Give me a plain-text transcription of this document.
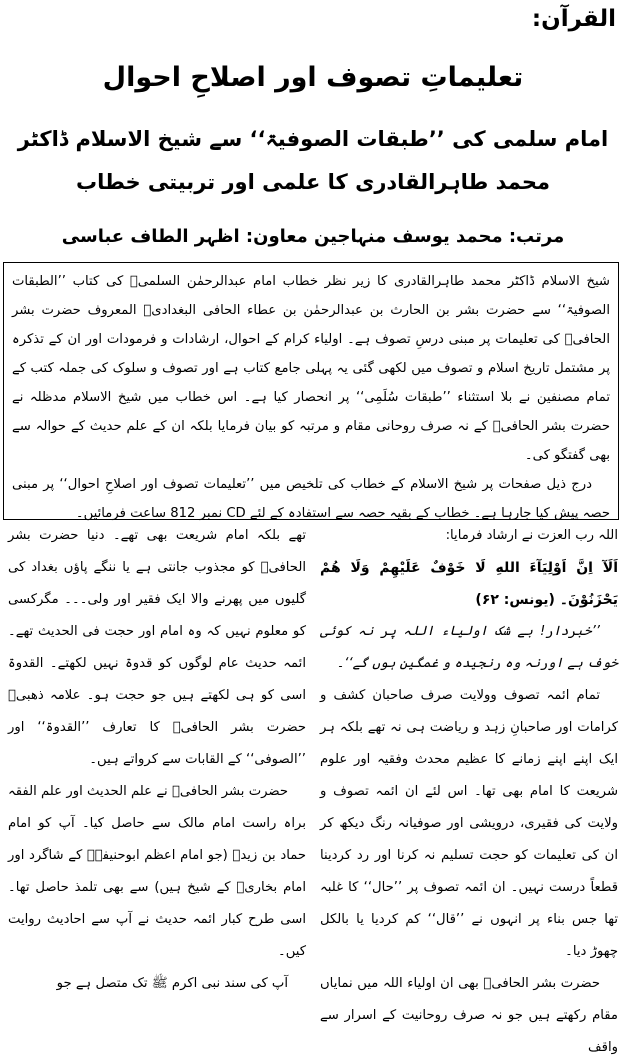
القرآن:
تعلیماتِ تصوف اور اصلاحِ احوال
امام سلمی کی ’’طبقات الصوفیۃ‘‘ سے شیخ الاسلام ڈاکٹر محمد طاہرالقادری کا علمی اور تربیتی خطاب
مرتب: محمد یوسف منہاجین معاون: اظہر الطاف عباسی

شیخ الاسلام ڈاکٹر محمد طاہرالقادری کا زیر نظر خطاب امام عبدالرحمٰن السلمیؒ کی کتاب ’’الطبقات الصوفیۃ‘‘ سے حضرت بشر بن الحارث بن عبدالرحمٰن بن عطاء الحافی البغدادیؒ المعروف حضرت بشر الحافیؒ کی تعلیمات پر مبنی درسِ تصوف ہے۔ اولیاء کرام کے احوال، ارشادات و فرمودات اور ان کے تذکرہ پر مشتمل تاریخ اسلام و تصوف میں لکھی گئی یہ پہلی جامع کتاب ہے اور تصوف و سلوک کی جملہ کتب کے تمام مصنفین نے بلا استثناء ’’طبقات سُلَمِی‘‘ پر انحصار کیا ہے۔ اس خطاب میں شیخ الاسلام مدظلہ نے حضرت بشر الحافیؒ کے نہ صرف روحانی مقام و مرتبہ کو بیان فرمایا بلکہ ان کے علم حدیث کے حوالہ سے بھی گفتگو کی۔

درج ذیل صفحات پر شیخ الاسلام کے خطاب کی تلخیص میں ’’تعلیمات تصوف اور اصلاحِ احوال‘‘ پر مبنی حصہ پیش کیا جارہا ہے۔ خطاب کے بقیہ حصہ سے استفادہ کے لئے CD نمبر 812 ساعت فرمائیں۔

اللہ رب العزت نے ارشاد فرمایا:

اَلَآ اِنَّ اَوْلِيَآءَ اللهِ لَا خَوْفٌ عَلَيْهِمْ وَلَا هُمْ يَحْزَنُوْنَ۔ (یونس: ۶۲)

’’خبردار! بے شک اولیاء اللہ پر نہ کوئی خوف ہے اورنہ وہ رنجیدہ و غمگین ہوں گے‘‘۔

تمام ائمہ تصوف وولایت صرف صاحبان کشف و کرامات اور صاحبانِ زہد و ریاضت ہی نہ تھے بلکہ ہر ایک اپنے اپنے زمانے کا عظیم محدث وفقیہ اور علوم شریعت کا امام بھی تھا۔ اس لئے ان ائمہ تصوف و ولایت کی فقیری، درویشی اور صوفیانہ رنگ دیکھ کر ان کی تعلیمات کو حجت تسلیم نہ کرنا اور رد کردینا قطعاً درست نہیں۔ ان ائمہ تصوف پر ’’حال‘‘ کا غلبہ تھا جس بناء پر انہوں نے ’’قال‘‘ کم کردیا یا بالکل چھوڑ دیا۔

حضرت بشر الحافیؒ بھی ان اولیاء اللہ میں نمایاں مقام رکھتے ہیں جو نہ صرف روحانیت کے اسرار سے واقف

تھے بلکہ امام شریعت بھی تھے۔ دنیا حضرت بشر الحافیؒ کو مجذوب جانتی ہے یا ننگے پاؤں بغداد کی گلیوں میں پھرنے والا ایک فقیر اور ولی۔۔۔ مگرکسی کو معلوم نہیں کہ وہ امام اور حجت فی الحدیث تھے۔ ائمہ حدیث عام لوگوں کو قدوۃ نہیں لکھتے۔ القدوۃ اسی کو ہی لکھتے ہیں جو حجت ہو۔ علامہ ذھبیؒ حضرت بشر الحافیؒ کا تعارف ’’القدوۃ‘‘ اور ’’الصوفی‘‘ کے القابات سے کرواتے ہیں۔

حضرت بشر الحافیؒ نے علم الحدیث اور علم الفقہ براہ راست امام مالک سے حاصل کیا۔ آپ کو امام حماد بن زیدؒ (جو امام اعظم ابوحنیفہؒ کے شاگرد اور امام بخاریؒ کے شیخ ہیں) سے بھی تلمذ حاصل تھا۔ اسی طرح کبار ائمہ حدیث نے آپ سے احادیث روایت کیں۔

آپ کی سند نبی اکرم ﷺ تک متصل ہے جو
